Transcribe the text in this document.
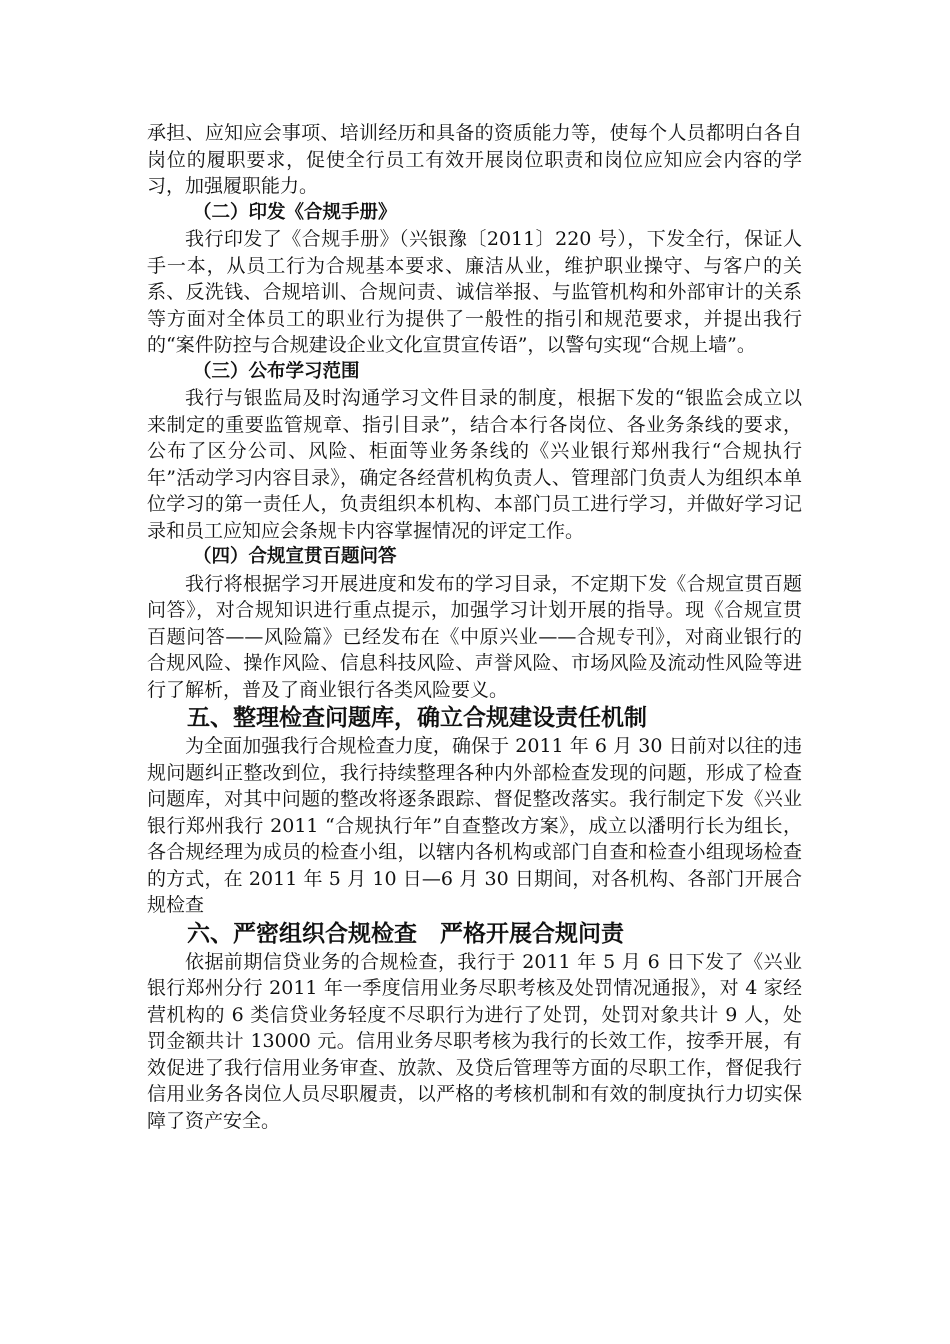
承担、应知应会事项、培训经历和具备的资质能力等，使每个人员都明白各自岗位的履职要求，促使全行员工有效开展岗位职责和岗位应知应会内容的学习，加强履职能力。

（二）印发《合规手册》

我行印发了《合规手册》（兴银豫〔2011〕220 号），下发全行，保证人手一本，从员工行为合规基本要求、廉洁从业，维护职业操守、与客户的关系、反洗钱、合规培训、合规问责、诚信举报、与监管机构和外部审计的关系等方面对全体员工的职业行为提供了一般性的指引和规范要求，并提出我行的“案件防控与合规建设企业文化宣贯宣传语”，以警句实现“合规上墙”。

（三）公布学习范围

我行与银监局及时沟通学习文件目录的制度，根据下发的“银监会成立以来制定的重要监管规章、指引目录”，结合本行各岗位、各业务条线的要求，公布了区分公司、风险、柜面等业务条线的《兴业银行郑州我行“合规执行年”活动学习内容目录》，确定各经营机构负责人、管理部门负责人为组织本单位学习的第一责任人，负责组织本机构、本部门员工进行学习，并做好学习记录和员工应知应会条规卡内容掌握情况的评定工作。

（四）合规宣贯百题问答

我行将根据学习开展进度和发布的学习目录，不定期下发《合规宣贯百题问答》，对合规知识进行重点提示，加强学习计划开展的指导。现《合规宣贯百题问答——风险篇》已经发布在《中原兴业——合规专刊》，对商业银行的合规风险、操作风险、信息科技风险、声誉风险、市场风险及流动性风险等进行了解析，普及了商业银行各类风险要义。

五、整理检查问题库，确立合规建设责任机制

为全面加强我行合规检查力度，确保于 2011 年 6 月 30 日前对以往的违规问题纠正整改到位，我行持续整理各种内外部检查发现的问题，形成了检查问题库，对其中问题的整改将逐条跟踪、督促整改落实。我行制定下发《兴业银行郑州我行 2011 “合规执行年”自查整改方案》，成立以潘明行长为组长，各合规经理为成员的检查小组，以辖内各机构或部门自查和检查小组现场检查的方式，在 2011 年 5 月 10 日—6 月 30 日期间，对各机构、各部门开展合规检查

六、严密组织合规检查　严格开展合规问责

依据前期信贷业务的合规检查，我行于 2011 年 5 月 6 日下发了《兴业银行郑州分行 2011 年一季度信用业务尽职考核及处罚情况通报》，对 4 家经营机构的 6 类信贷业务轻度不尽职行为进行了处罚，处罚对象共计 9 人，处罚金额共计 13000 元。信用业务尽职考核为我行的长效工作，按季开展，有效促进了我行信用业务审查、放款、及贷后管理等方面的尽职工作，督促我行信用业务各岗位人员尽职履责，以严格的考核机制和有效的制度执行力切实保障了资产安全。
